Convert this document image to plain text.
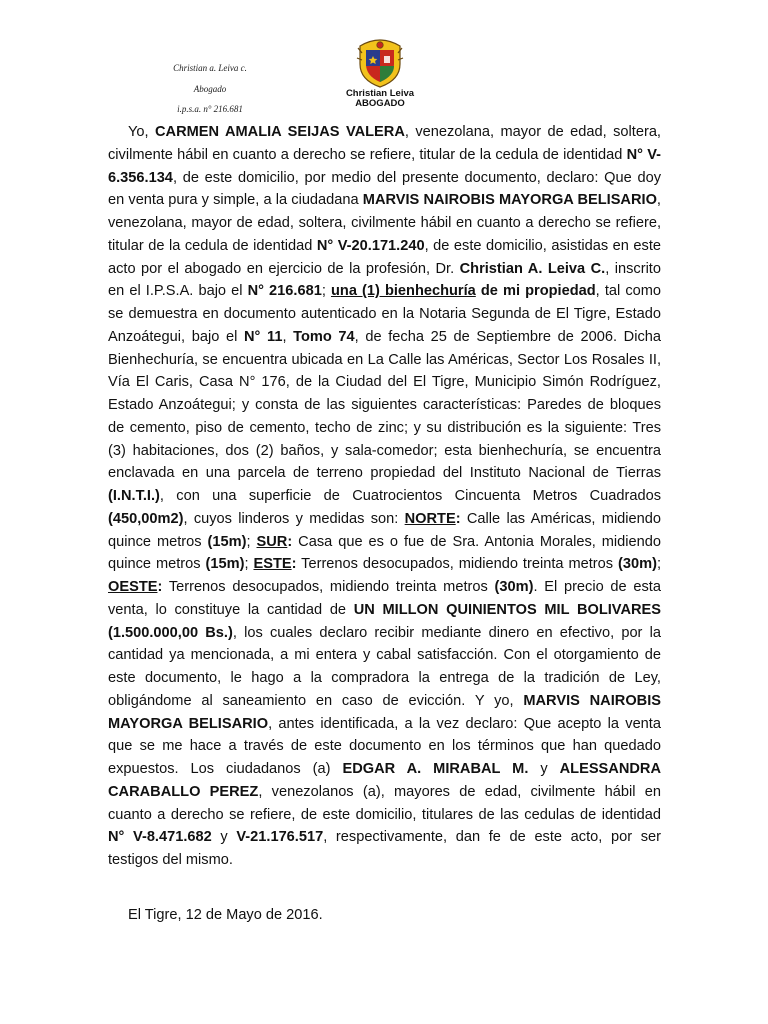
Christian a. Leiva c.
Abogado
i.p.s.a. n° 216.681
Christian Leiva
ABOGADO

Yo, CARMEN AMALIA SEIJAS VALERA, venezolana, mayor de edad, soltera, civilmente hábil en cuanto a derecho se refiere, titular de la cedula de identidad N° V-6.356.134, de este domicilio, por medio del presente documento, declaro: Que doy en venta pura y simple, a la ciudadana MARVIS NAIROBIS MAYORGA BELISARIO, venezolana, mayor de edad, soltera, civilmente hábil en cuanto a derecho se refiere, titular de la cedula de identidad N° V-20.171.240, de este domicilio, asistidas en este acto por el abogado en ejercicio de la profesión, Dr. Christian A. Leiva C., inscrito en el I.P.S.A. bajo el N° 216.681; una (1) bienhechuría de mi propiedad, tal como se demuestra en documento autenticado en la Notaria Segunda de El Tigre, Estado Anzoátegui, bajo el N° 11, Tomo 74, de fecha 25 de Septiembre de 2006. Dicha Bienhechuría, se encuentra ubicada en La Calle las Américas, Sector Los Rosales II, Vía El Caris, Casa N° 176, de la Ciudad del El Tigre, Municipio Simón Rodríguez, Estado Anzoátegui; y consta de las siguientes características: Paredes de bloques de cemento, piso de cemento, techo de zinc; y su distribución es la siguiente: Tres (3) habitaciones, dos (2) baños, y sala-comedor; esta bienhechuría, se encuentra enclavada en una parcela de terreno propiedad del Instituto Nacional de Tierras (I.N.T.I.), con una superficie de Cuatrocientos Cincuenta Metros Cuadrados (450,00m2), cuyos linderos y medidas son: NORTE: Calle las Américas, midiendo quince metros (15m); SUR: Casa que es o fue de Sra. Antonia Morales, midiendo quince metros (15m); ESTE: Terrenos desocupados, midiendo treinta metros (30m); OESTE: Terrenos desocupados, midiendo treinta metros (30m). El precio de esta venta, lo constituye la cantidad de UN MILLON QUINIENTOS MIL BOLIVARES (1.500.000,00 Bs.), los cuales declaro recibir mediante dinero en efectivo, por la cantidad ya mencionada, a mi entera y cabal satisfacción. Con el otorgamiento de este documento, le hago a la compradora la entrega de la tradición de Ley, obligándome al saneamiento en caso de evicción. Y yo, MARVIS NAIROBIS MAYORGA BELISARIO, antes identificada, a la vez declaro: Que acepto la venta que se me hace a través de este documento en los términos que han quedado expuestos. Los ciudadanos (a) EDGAR A. MIRABAL M. y ALESSANDRA CARABALLO PEREZ, venezolanos (a), mayores de edad, civilmente hábil en cuanto a derecho se refiere, de este domicilio, titulares de las cedulas de identidad N° V-8.471.682 y V-21.176.517, respectivamente, dan fe de este acto, por ser testigos del mismo.

El Tigre, 12 de Mayo de 2016.
